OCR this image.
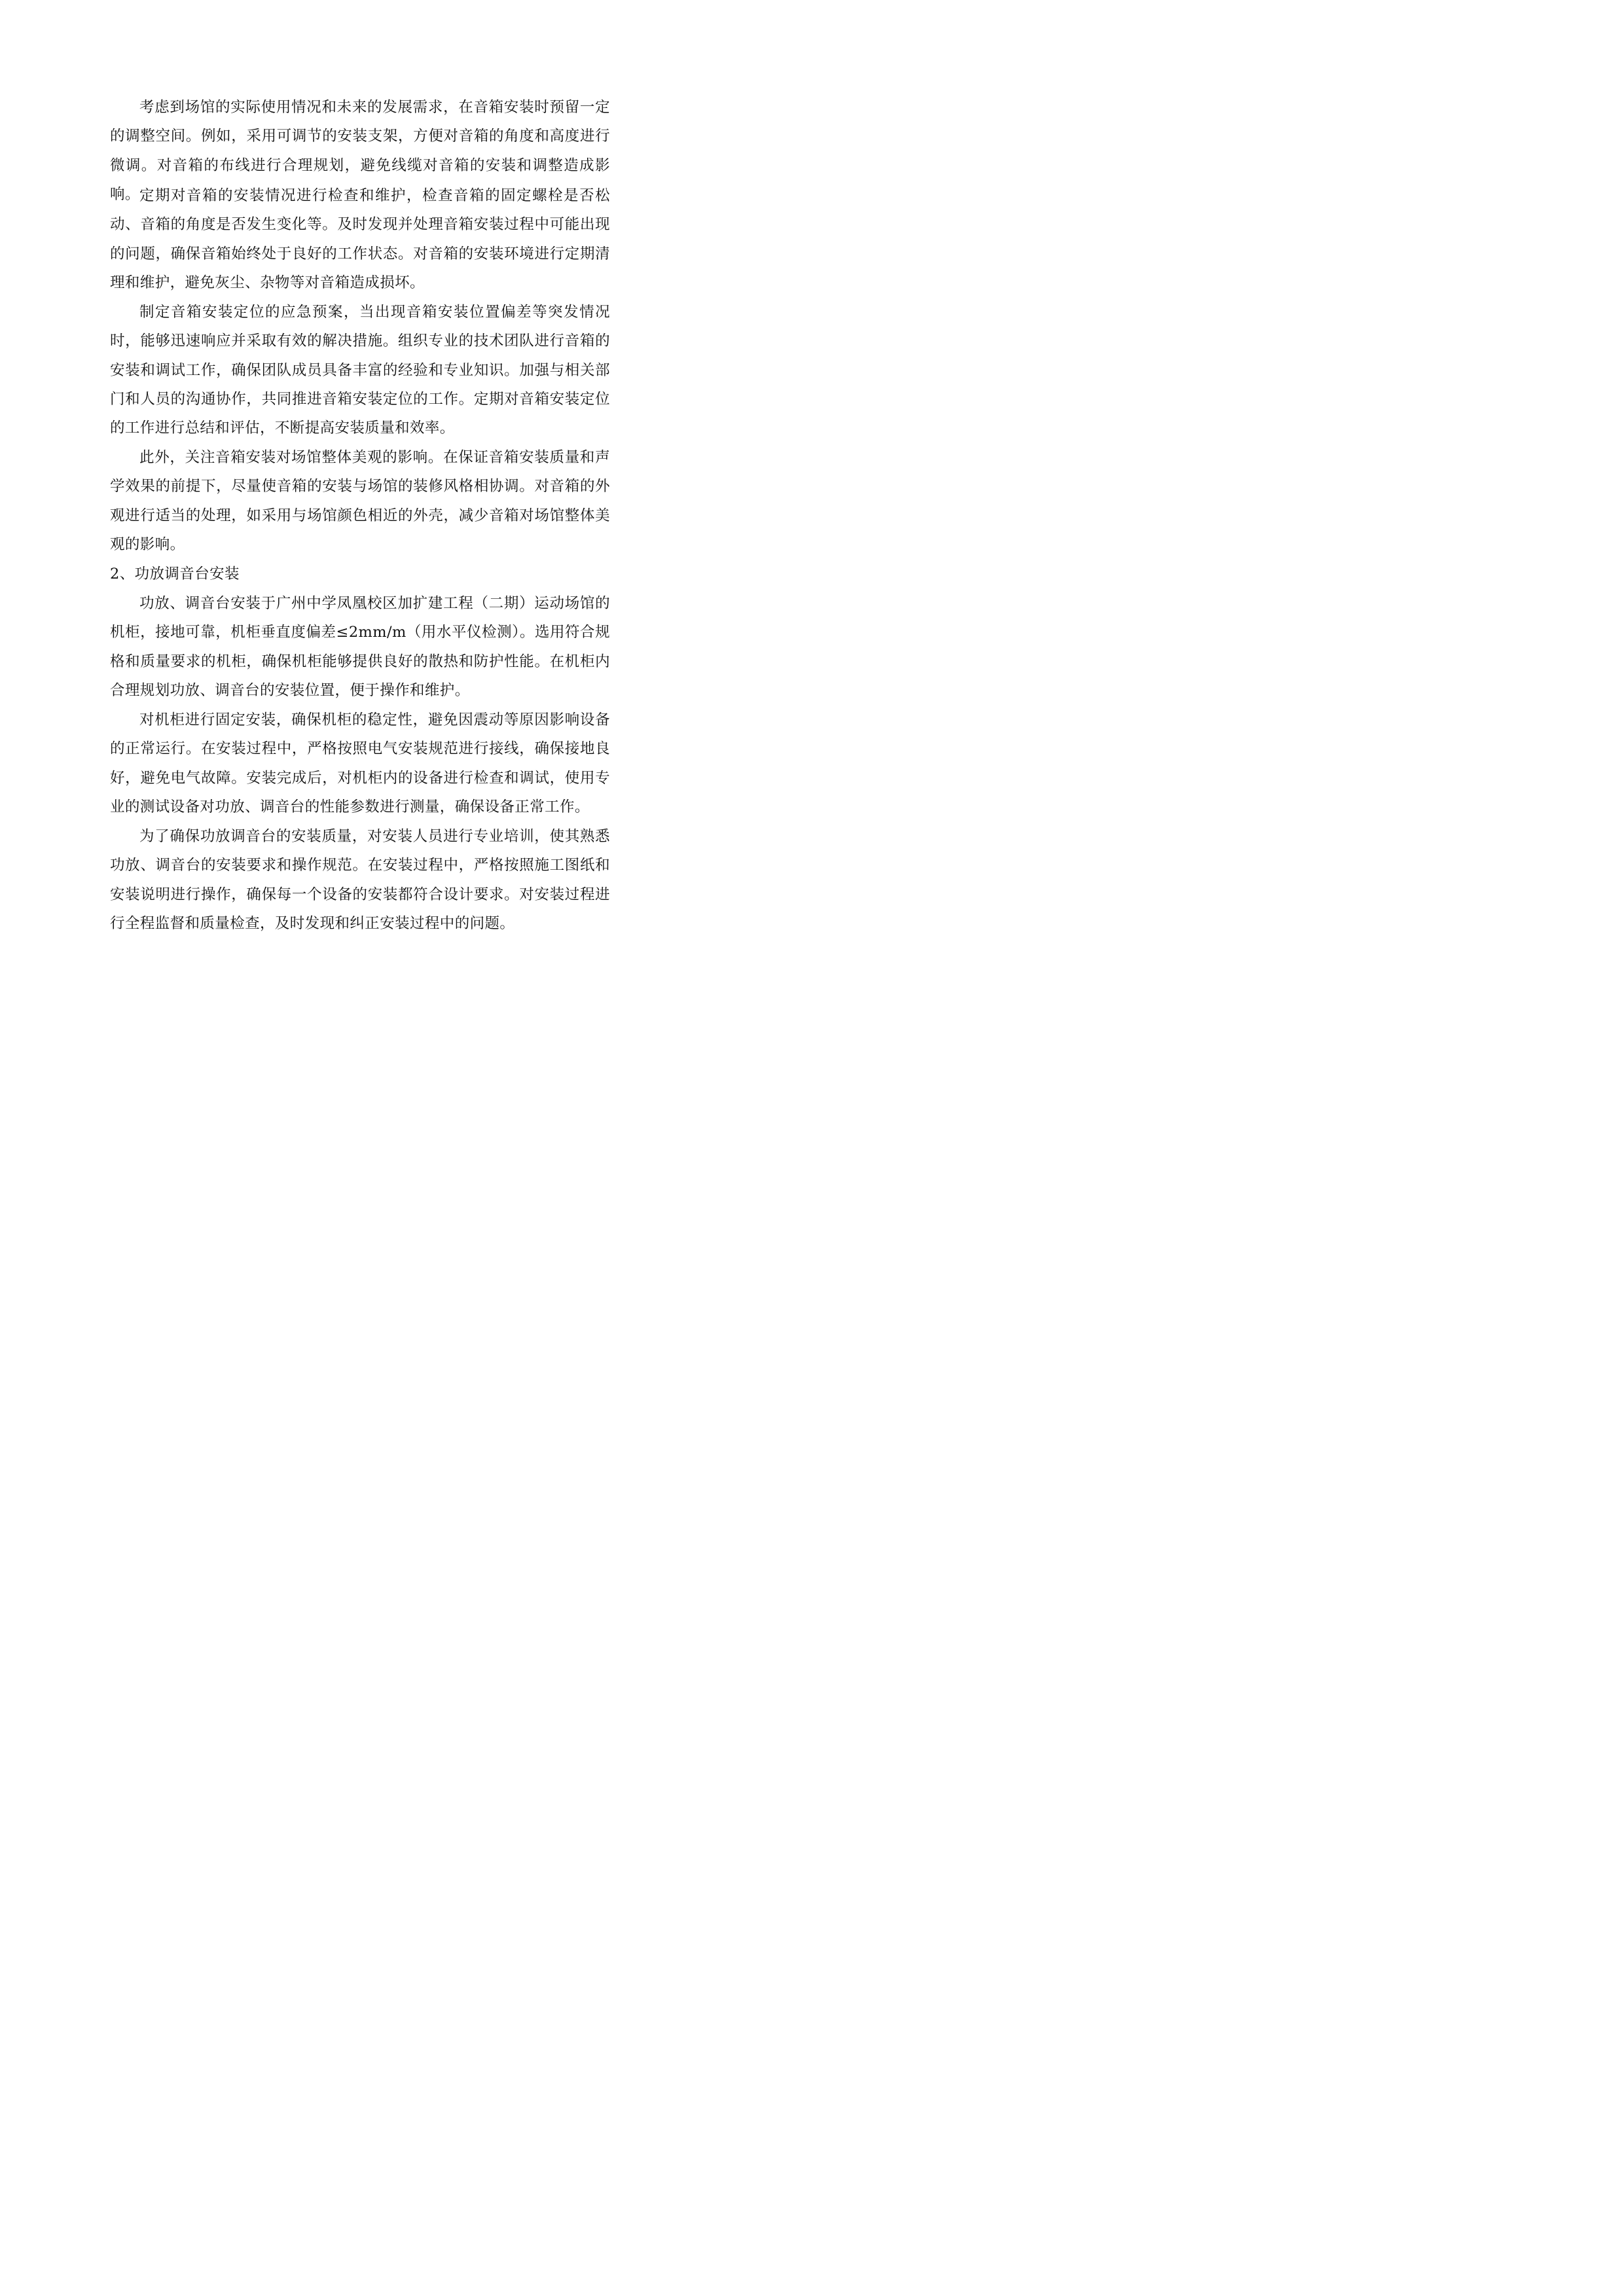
考虑到场馆的实际使用情况和未来的发展需求，在音箱安装时预留一定的调整空间。例如，采用可调节的安装支架，方便对音箱的角度和高度进行微调。对音箱的布线进行合理规划，避免线缆对音箱的安装和调整造成影响。 定期对音箱的安装情况进行检查和维护，检查音箱的固定螺栓是否松动、音箱的角度是否发生变化等。及时发现并处理音箱安装过程中可能出现的问题，确保音箱始终处于良好的工作状态。对音箱的安装环境进行定期清理和维护，避免灰尘、杂物等对音箱造成损坏。

制定音箱安装定位的应急预案，当出现音箱安装位置偏差等突发情况时，能够迅速响应并采取有效的解决措施。组织专业的技术团队进行音箱的安装和调试工作，确保团队成员具备丰富的经验和专业知识。加强与相关部门和人员的沟通协作，共同推进音箱安装定位的工作。定期对音箱安装定位的工作进行总结和评估，不断提高安装质量和效率。

此外，关注音箱安装对场馆整体美观的影响。在保证音箱安装质量和声学效果的前提下，尽量使音箱的安装与场馆的装修风格相协调。对音箱的外观进行适当的处理，如采用与场馆颜色相近的外壳，减少音箱对场馆整体美观的影响。

2、功放调音台安装

功放、调音台安装于广州中学凤凰校区加扩建工程（二期）运动场馆的机柜，接地可靠，机柜垂直度偏差≤2mm/m（用水平仪检测）。选用符合规格和质量要求的机柜，确保机柜能够提供良好的散热和防护性能。在机柜内合理规划功放、调音台的安装位置，便于操作和维护。

对机柜进行固定安装，确保机柜的稳定性，避免因震动等原因影响设备的正常运行。在安装过程中，严格按照电气安装规范进行接线，确保接地良好，避免电气故障。安装完成后，对机柜内的设备进行检查和调试，使用专业的测试设备对功放、调音台的性能参数进行测量，确保设备正常工作。

为了确保功放调音台的安装质量，对安装人员进行专业培训，使其熟悉功放、调音台的安装要求和操作规范。在安装过程中，严格按照施工图纸和安装说明进行操作，确保每一个设备的安装都符合设计要求。对安装过程进行全程监督和质量检查，及时发现和纠正安装过程中的问题。
